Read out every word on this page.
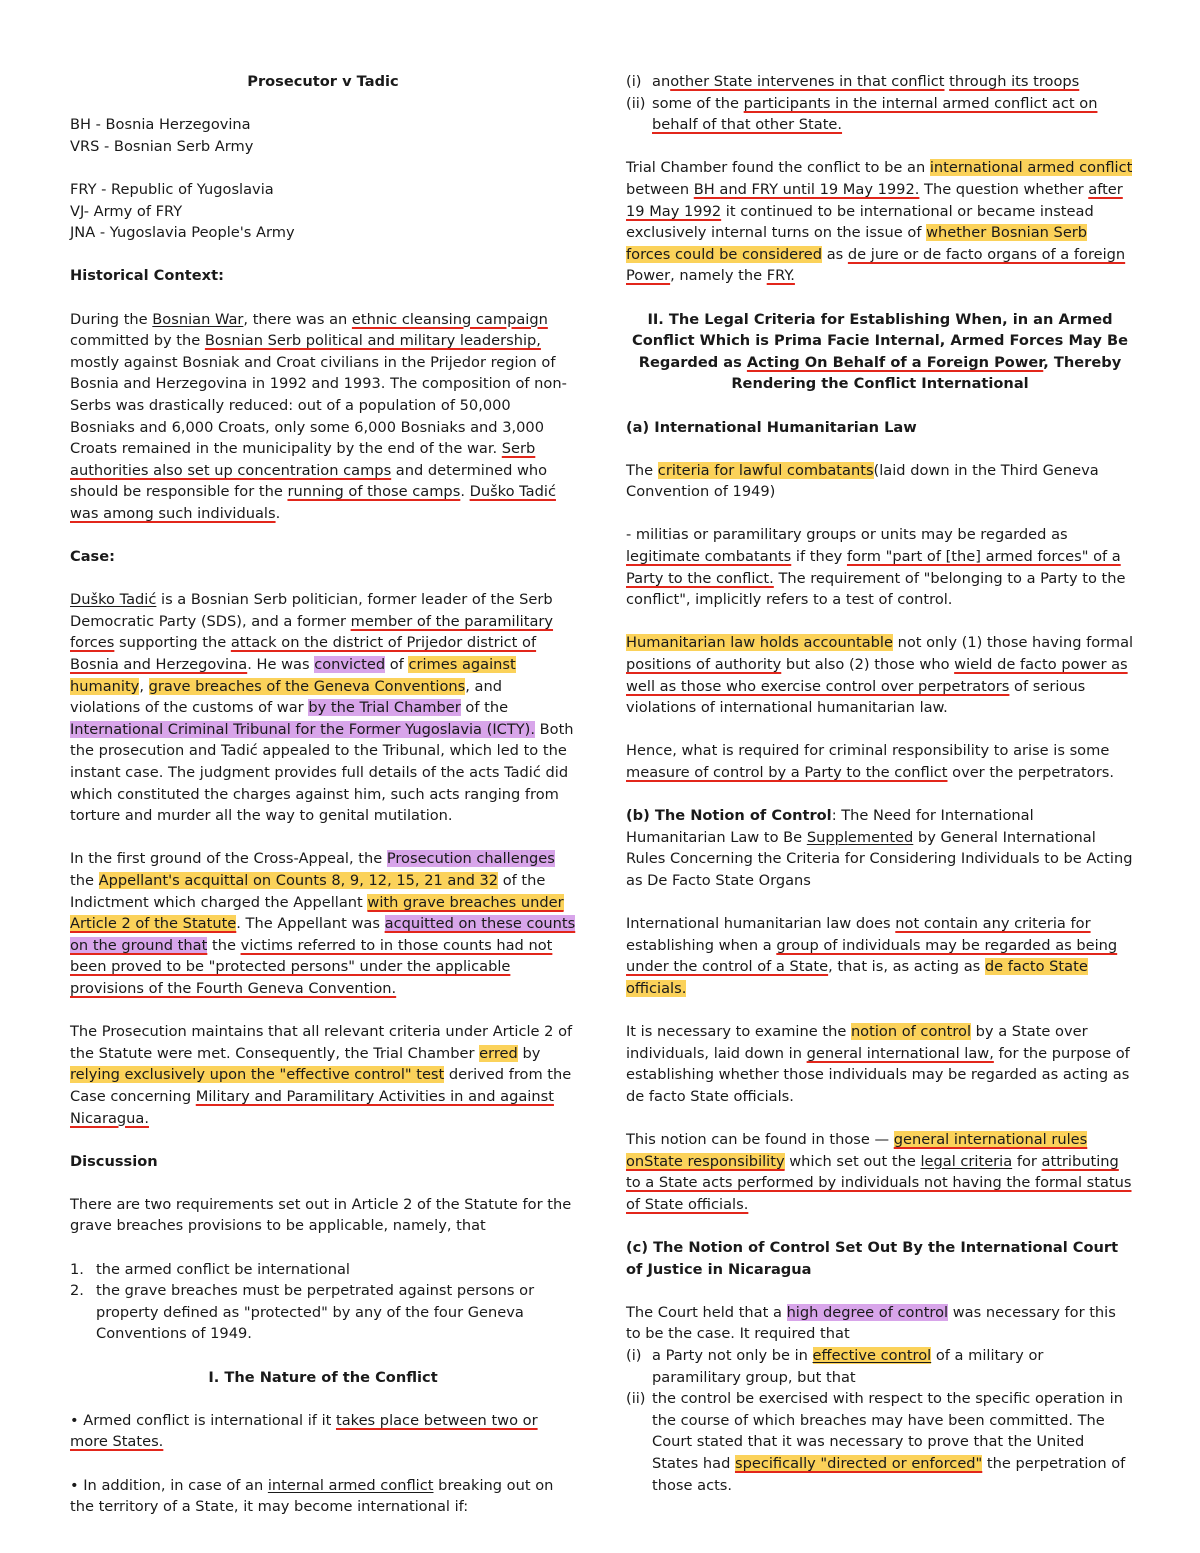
Prosecutor v Tadic

BH - Bosnia Herzegovina

VRS - Bosnian Serb Army

FRY - Republic of Yugoslavia

VJ- Army of FRY

JNA - Yugoslavia People's Army

Historical Context:

During the Bosnian War, there was an ethnic cleansing campaign committed by the Bosnian Serb political and military leadership, mostly against Bosniak and Croat civilians in the Prijedor region of Bosnia and Herzegovina in 1992 and 1993. The composition of non-Serbs was drastically reduced: out of a population of 50,000 Bosniaks and 6,000 Croats, only some 6,000 Bosniaks and 3,000 Croats remained in the municipality by the end of the war. Serb authorities also set up concentration camps and determined who should be responsible for the running of those camps. Duško Tadić was among such individuals.

Case:

Duško Tadić is a Bosnian Serb politician, former leader of the Serb Democratic Party (SDS), and a former member of the paramilitary forces supporting the attack on the district of Prijedor district of Bosnia and Herzegovina. He was convicted of crimes against humanity, grave breaches of the Geneva Conventions, and violations of the customs of war by the Trial Chamber of the International Criminal Tribunal for the Former Yugoslavia (ICTY). Both the prosecution and Tadić appealed to the Tribunal, which led to the instant case. The judgment provides full details of the acts Tadić did which constituted the charges against him, such acts ranging from torture and murder all the way to genital mutilation.

In the first ground of the Cross-Appeal, the Prosecution challenges the Appellant's acquittal on Counts 8, 9, 12, 15, 21 and 32 of the Indictment which charged the Appellant with grave breaches under Article 2 of the Statute. The Appellant was acquitted on these counts on the ground that the victims referred to in those counts had not been proved to be "protected persons" under the applicable provisions of the Fourth Geneva Convention.

The Prosecution maintains that all relevant criteria under Article 2 of the Statute were met. Consequently, the Trial Chamber erred by relying exclusively upon the "effective control" test derived from the Case concerning Military and Paramilitary Activities in and against Nicaragua.

Discussion

There are two requirements set out in Article 2 of the Statute for the grave breaches provisions to be applicable, namely, that

1. the armed conflict be international
2. the grave breaches must be perpetrated against persons or property defined as "protected" by any of the four Geneva Conventions of 1949.

I. The Nature of the Conflict

• Armed conflict is international if it takes place between two or more States.

• In addition, in case of an internal armed conflict breaking out on the territory of a State, it may become international if:

(i) another State intervenes in that conflict through its troops
(ii) some of the participants in the internal armed conflict act on behalf of that other State.

Trial Chamber found the conflict to be an international armed conflict between BH and FRY until 19 May 1992. The question whether after 19 May 1992 it continued to be international or became instead exclusively internal turns on the issue of whether Bosnian Serb forces could be considered as de jure or de facto organs of a foreign Power, namely the FRY.

II. The Legal Criteria for Establishing When, in an Armed Conflict Which is Prima Facie Internal, Armed Forces May Be Regarded as Acting On Behalf of a Foreign Power, Thereby Rendering the Conflict International

(a) International Humanitarian Law

The criteria for lawful combatants(laid down in the Third Geneva Convention of 1949)

- militias or paramilitary groups or units may be regarded as legitimate combatants if they form "part of [the] armed forces" of a Party to the conflict. The requirement of "belonging to a Party to the conflict", implicitly refers to a test of control.

Humanitarian law holds accountable not only (1) those having formal positions of authority but also (2) those who wield de facto power as well as those who exercise control over perpetrators of serious violations of international humanitarian law.

Hence, what is required for criminal responsibility to arise is some measure of control by a Party to the conflict over the perpetrators.

(b) The Notion of Control: The Need for International Humanitarian Law to Be Supplemented by General International Rules Concerning the Criteria for Considering Individuals to be Acting as De Facto State Organs

International humanitarian law does not contain any criteria for establishing when a group of individuals may be regarded as being under the control of a State, that is, as acting as de facto State officials.

It is necessary to examine the notion of control by a State over individuals, laid down in general international law, for the purpose of establishing whether those individuals may be regarded as acting as de facto State officials.

This notion can be found in those — general international rules onState responsibility which set out the legal criteria for attributing to a State acts performed by individuals not having the formal status of State officials.

(c) The Notion of Control Set Out By the International Court of Justice in Nicaragua

The Court held that a high degree of control was necessary for this to be the case. It required that

(i) a Party not only be in effective control of a military or paramilitary group, but that
(ii) the control be exercised with respect to the specific operation in the course of which breaches may have been committed. The Court stated that it was necessary to prove that the United States had specifically "directed or enforced" the perpetration of those acts.
